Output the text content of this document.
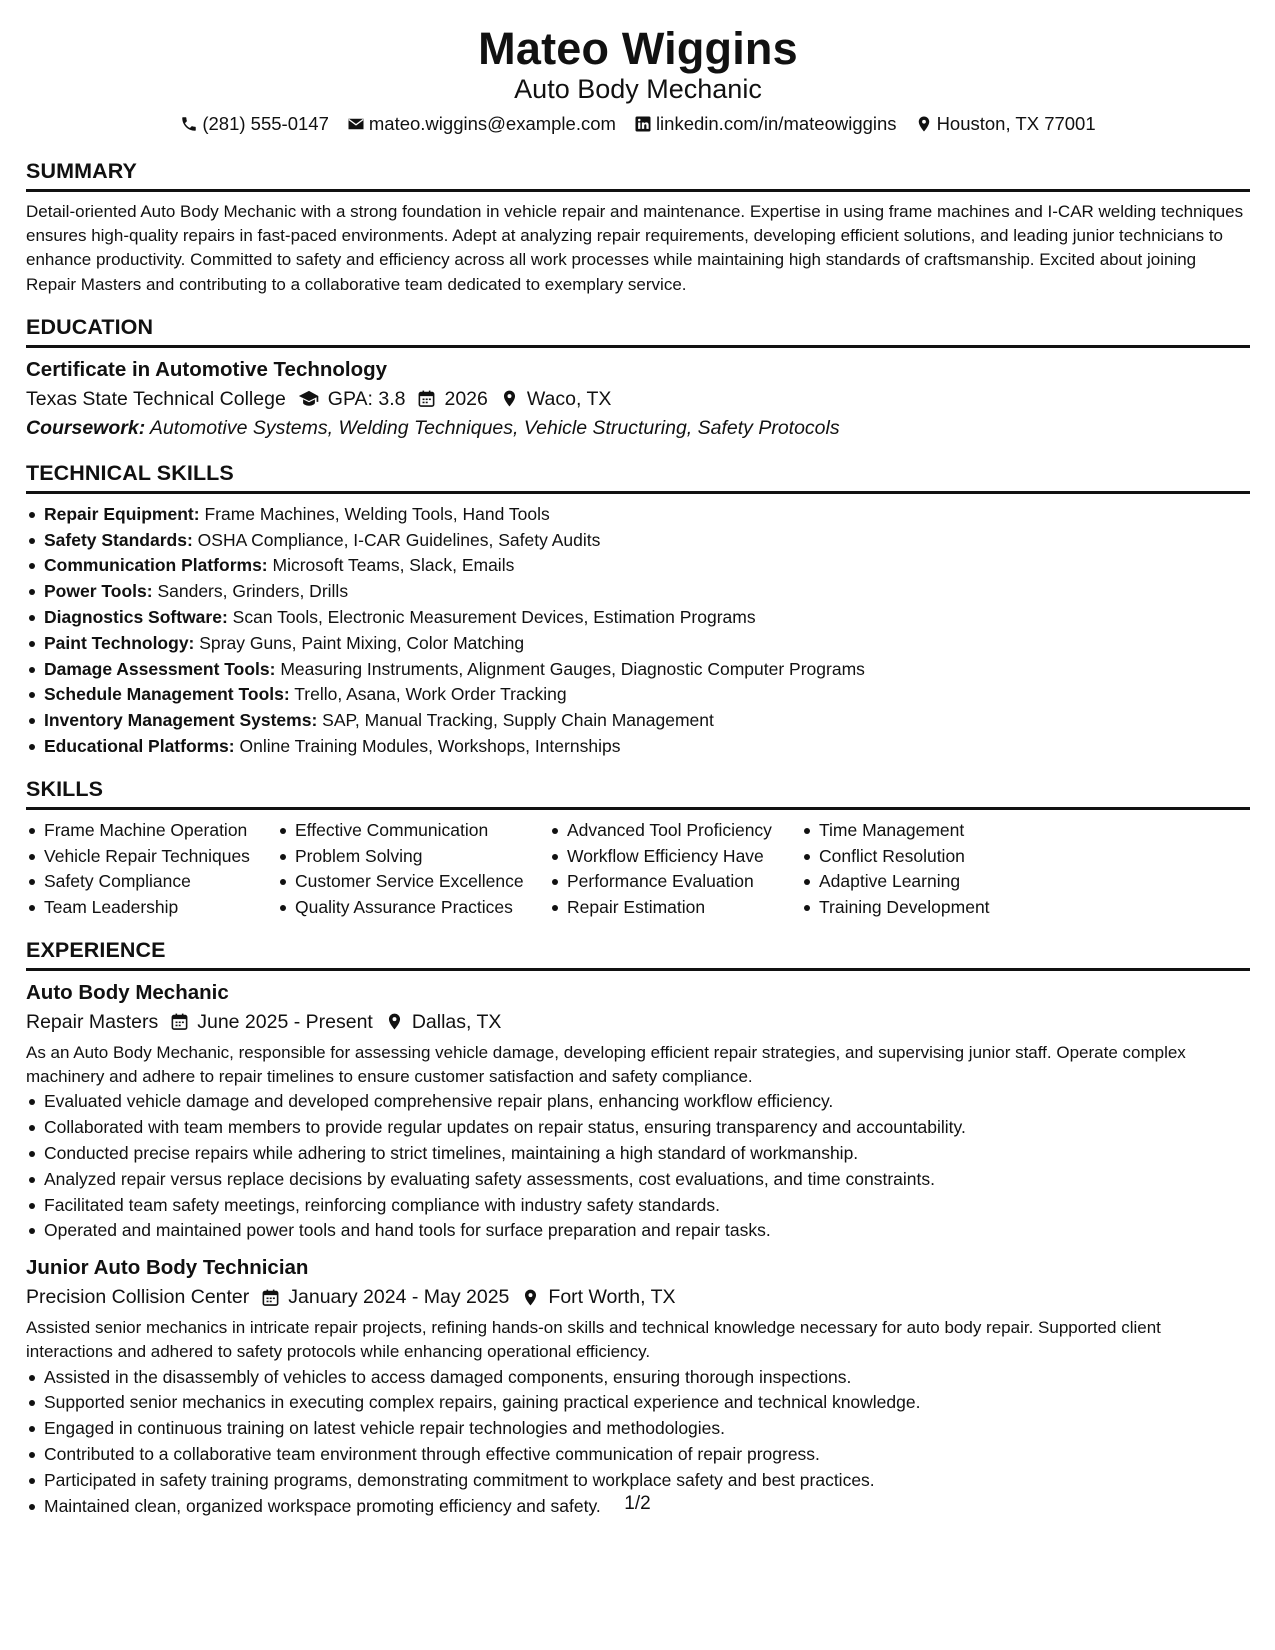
Mateo Wiggins
Auto Body Mechanic
(281) 555-0147 mateo.wiggins@example.com linkedin.com/in/mateowiggins Houston, TX 77001
SUMMARY
Detail-oriented Auto Body Mechanic with a strong foundation in vehicle repair and maintenance. Expertise in using frame machines and I-CAR welding techniques ensures high-quality repairs in fast-paced environments. Adept at analyzing repair requirements, developing efficient solutions, and leading junior technicians to enhance productivity. Committed to safety and efficiency across all work processes while maintaining high standards of craftsmanship. Excited about joining Repair Masters and contributing to a collaborative team dedicated to exemplary service.
EDUCATION
Certificate in Automotive Technology
Texas State Technical College GPA: 3.8 2026 Waco, TX
Coursework: Automotive Systems, Welding Techniques, Vehicle Structuring, Safety Protocols
TECHNICAL SKILLS
Repair Equipment: Frame Machines, Welding Tools, Hand Tools
Safety Standards: OSHA Compliance, I-CAR Guidelines, Safety Audits
Communication Platforms: Microsoft Teams, Slack, Emails
Power Tools: Sanders, Grinders, Drills
Diagnostics Software: Scan Tools, Electronic Measurement Devices, Estimation Programs
Paint Technology: Spray Guns, Paint Mixing, Color Matching
Damage Assessment Tools: Measuring Instruments, Alignment Gauges, Diagnostic Computer Programs
Schedule Management Tools: Trello, Asana, Work Order Tracking
Inventory Management Systems: SAP, Manual Tracking, Supply Chain Management
Educational Platforms: Online Training Modules, Workshops, Internships
SKILLS
Frame Machine Operation
Vehicle Repair Techniques
Safety Compliance
Team Leadership
Effective Communication
Problem Solving
Customer Service Excellence
Quality Assurance Practices
Advanced Tool Proficiency
Workflow Efficiency Have
Performance Evaluation
Repair Estimation
Time Management
Conflict Resolution
Adaptive Learning
Training Development
EXPERIENCE
Auto Body Mechanic
Repair Masters June 2025 - Present Dallas, TX
As an Auto Body Mechanic, responsible for assessing vehicle damage, developing efficient repair strategies, and supervising junior staff. Operate complex machinery and adhere to repair timelines to ensure customer satisfaction and safety compliance.
Evaluated vehicle damage and developed comprehensive repair plans, enhancing workflow efficiency.
Collaborated with team members to provide regular updates on repair status, ensuring transparency and accountability.
Conducted precise repairs while adhering to strict timelines, maintaining a high standard of workmanship.
Analyzed repair versus replace decisions by evaluating safety assessments, cost evaluations, and time constraints.
Facilitated team safety meetings, reinforcing compliance with industry safety standards.
Operated and maintained power tools and hand tools for surface preparation and repair tasks.
Junior Auto Body Technician
Precision Collision Center January 2024 - May 2025 Fort Worth, TX
Assisted senior mechanics in intricate repair projects, refining hands-on skills and technical knowledge necessary for auto body repair. Supported client interactions and adhered to safety protocols while enhancing operational efficiency.
Assisted in the disassembly of vehicles to access damaged components, ensuring thorough inspections.
Supported senior mechanics in executing complex repairs, gaining practical experience and technical knowledge.
Engaged in continuous training on latest vehicle repair technologies and methodologies.
Contributed to a collaborative team environment through effective communication of repair progress.
Participated in safety training programs, demonstrating commitment to workplace safety and best practices.
Maintained clean, organized workspace promoting efficiency and safety.	1/2
